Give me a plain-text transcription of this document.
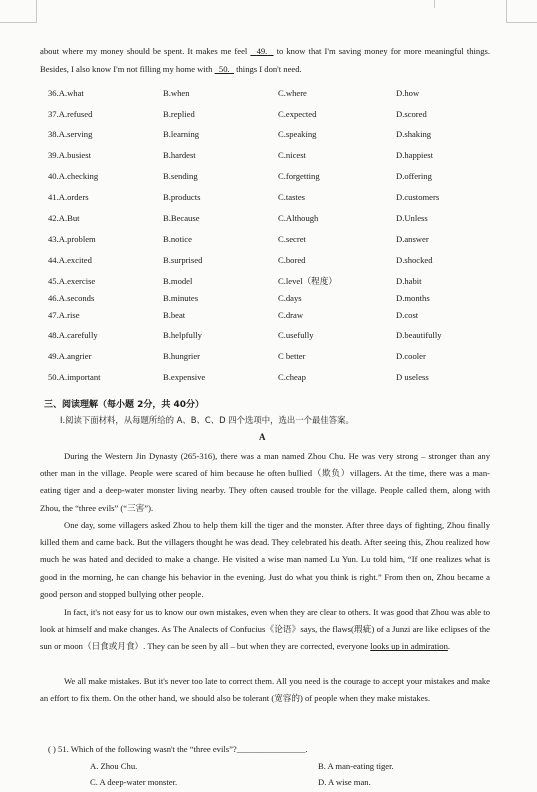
about where my money should be spent. It makes me feel 49. to know that I'm saving money for more meaningful things. Besides, I also know I'm not filling my home with 50. things I don't need.
36.A.what	B.when	C.where	D.how
37.A.refused	B.replied	C.expected	D.scored
38.A.serving	B.learning	C.speaking	D.shaking
39.A.busiest	B.hardest	C.nicest	D.happiest
40.A.checking	B.sending	C.forgetting	D.offering
41.A.orders	B.products	C.tastes	D.customers
42.A.But	B.Because	C.Although	D.Unless
43.A.problem	B.notice	C.secret	D.answer
44.A.excited	B.surprised	C.bored	D.shocked
45.A.exercise	B.model	C.level（程度）	D.habit
46.A.seconds	B.minutes	C.days	D.months
47.A.rise	B.beat	C.draw	D.cost
48.A.carefully	B.helpfully	C.usefully	D.beautifully
49.A.angrier	B.hungrier	C better	D.cooler
50.A.important	B.expensive	C.cheap	D useless
三、阅读理解（每小题 2分，共 40分）
I.阅读下面材料，从每题所给的 A、B、C、D 四个选项中，选出一个最佳答案。
A
During the Western Jin Dynasty (265-316), there was a man named Zhou Chu. He was very strong – stronger than any other man in the village. People were scared of him because he often bullied（欺负）villagers. At the time, there was a man-eating tiger and a deep-water monster living nearby. They often caused trouble for the village. People called them, along with Zhou, the “three evils” (“三害”).
One day, some villagers asked Zhou to help them kill the tiger and the monster. After three days of fighting, Zhou finally killed them and came back. But the villagers thought he was dead. They celebrated his death. After seeing this, Zhou realized how much he was hated and decided to make a change. He visited a wise man named Lu Yun. Lu told him, “If one realizes what is good in the morning, he can change his behavior in the evening. Just do what you think is right.” From then on, Zhou became a good person and stopped bullying other people.
In fact, it's not easy for us to know our own mistakes, even when they are clear to others. It was good that Zhou was able to look at himself and make changes. As The Analects of Confucius《论语》says, the flaws(瑕疵) of a Junzi are like eclipses of the sun or moon（日食或月食）. They can be seen by all – but when they are corrected, everyone looks up in admiration.
We all make mistakes. But it's never too late to correct them. All you need is the courage to accept your mistakes and make an effort to fix them. On the other hand, we should also be tolerant (宽容的) of people when they make mistakes.
( ) 51. Which of the following wasn't the “three evils”?________________.
A. Zhou Chu.	B. A man-eating tiger.
C. A deep-water monster.	D. A wise man.
